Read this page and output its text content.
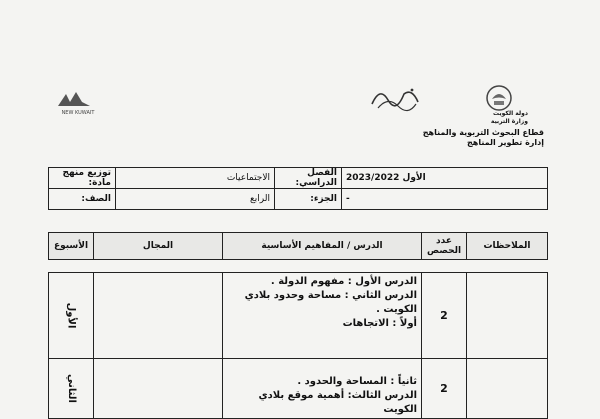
دولة الكويت
وزارة التربية
قطاع البحوث التربوية والمناهج
إدارة تطوير المناهج
NEW KUWAIT
توزيع منهج مادة:	الاجتماعيات	الفصل الدراسي:	الأول 2023/2022
الصف:	الرابع	الجزء:	-
الأسبوع	المجال	الدرس / المفاهيم الأساسية	عدد الحصص	الملاحظات
الأول		الدرس الأول : مفهوم الدولة .
الدرس الثاني : مساحة وحدود بلادي
الكويت .
أولاً : الاتجاهات	2	
الثاني		ثانياً : المساحة والحدود .
الدرس الثالث: أهمية موقع بلادي الكويت	2	
